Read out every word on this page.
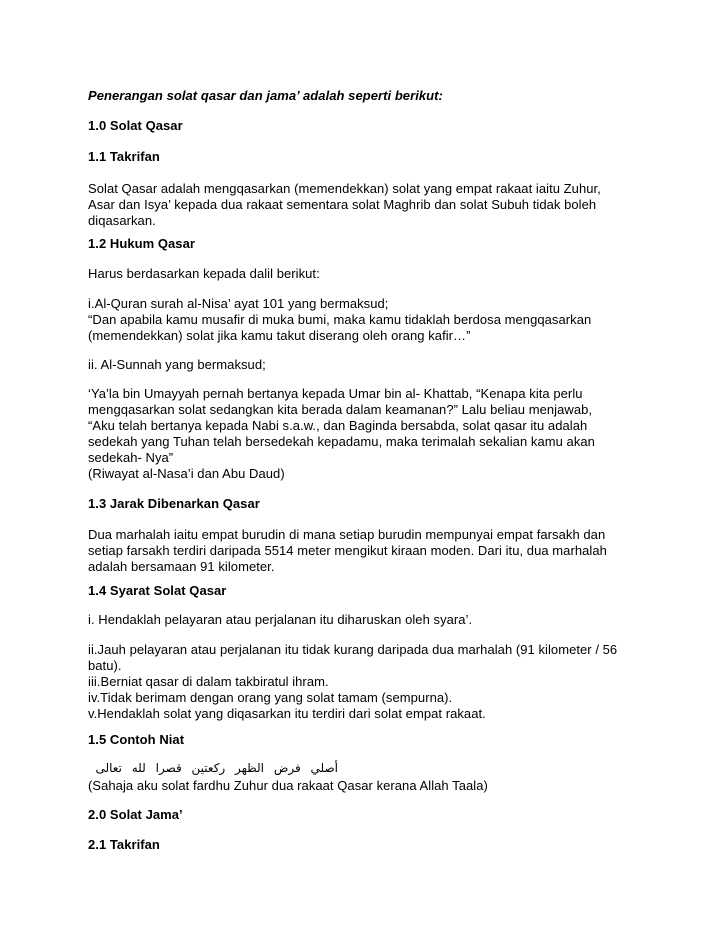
Penerangan solat qasar dan jama’ adalah seperti berikut:
1.0 Solat Qasar
1.1 Takrifan
Solat Qasar adalah mengqasarkan (memendekkan) solat yang empat rakaat iaitu Zuhur,
Asar dan Isya’ kepada dua rakaat sementara solat Maghrib dan solat Subuh tidak boleh
diqasarkan.
1.2 Hukum Qasar
Harus berdasarkan kepada dalil berikut:
i.Al-Quran surah al-Nisa’ ayat 101 yang bermaksud;
“Dan apabila kamu musafir di muka bumi, maka kamu tidaklah berdosa mengqasarkan
(memendekkan) solat jika kamu takut diserang oleh orang kafir…”
ii. Al-Sunnah yang bermaksud;
‘Ya’la bin Umayyah pernah bertanya kepada Umar bin al- Khattab, “Kenapa kita perlu
mengqasarkan solat sedangkan kita berada dalam keamanan?” Lalu beliau menjawab,
“Aku telah bertanya kepada Nabi s.a.w., dan Baginda bersabda, solat qasar itu adalah
sedekah yang Tuhan telah bersedekah kepadamu, maka terimalah sekalian kamu akan
sedekah- Nya”
(Riwayat al-Nasa’i dan Abu Daud)
1.3 Jarak Dibenarkan Qasar
Dua marhalah iaitu empat burudin di mana setiap burudin mempunyai empat farsakh dan
setiap farsakh terdiri daripada 5514 meter mengikut kiraan moden. Dari itu, dua marhalah
adalah bersamaan 91 kilometer.
1.4 Syarat Solat Qasar
i. Hendaklah pelayaran atau perjalanan itu diharuskan oleh syara’.
ii.Jauh pelayaran atau perjalanan itu tidak kurang daripada dua marhalah (91 kilometer / 56
batu).
iii.Berniat qasar di dalam takbiratul ihram.
iv.Tidak berimam dengan orang yang solat tamam (sempurna).
v.Hendaklah solat yang diqasarkan itu terdiri dari solat empat rakaat.
1.5 Contoh Niat
أصلي فرض الظهر ركعتين قصرا لله تعالى
(Sahaja aku solat fardhu Zuhur dua rakaat Qasar kerana Allah Taala)
2.0 Solat Jama’
2.1 Takrifan
